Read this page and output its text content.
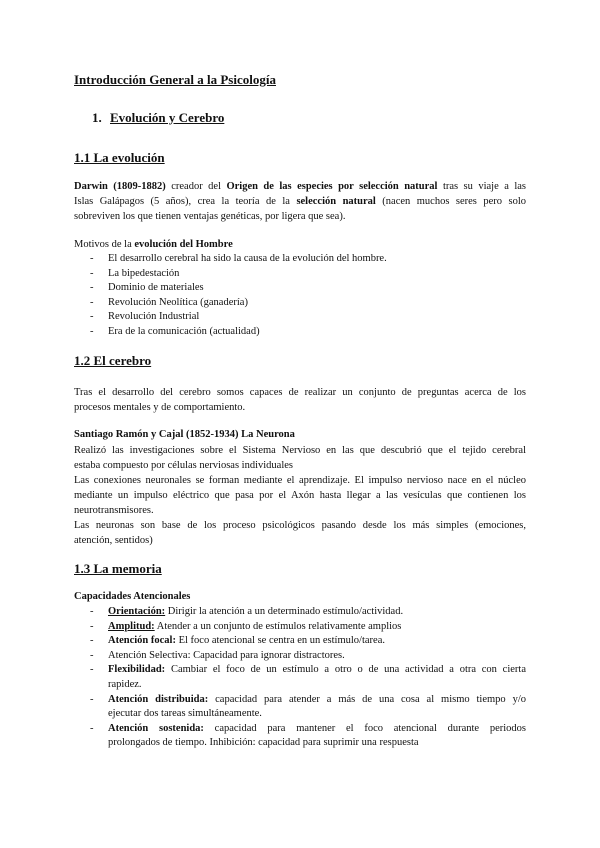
Introducción General a la Psicología
1. Evolución y Cerebro
1.1 La evolución
Darwin (1809-1882) creador del Origen de las especies por selección natural tras su viaje a las
Islas Galápagos (5 años), crea la teoría de la selección natural (nacen muchos seres pero solo
sobreviven los que tienen ventajas genéticas, por ligera que sea).
Motivos de la evolución del Hombre
- El desarrollo cerebral ha sido la causa de la evolución del hombre.
- La bipedestación
- Dominio de materiales
- Revolución Neolítica (ganadería)
- Revolución Industrial
- Era de la comunicación (actualidad)
1.2 El cerebro
Tras el desarrollo del cerebro somos capaces de realizar un conjunto de preguntas acerca de los
procesos mentales y de comportamiento.
Santiago Ramón y Cajal (1852-1934) La Neurona
Realizó las investigaciones sobre el Sistema Nervioso en las que descubrió que el tejido cerebral
estaba compuesto por células nerviosas individuales
Las conexiones neuronales se forman mediante el aprendizaje. El impulso nervioso nace en el núcleo
mediante un impulso eléctrico que pasa por el Axón hasta llegar a las vesículas que contienen los
neurotransmisores.
Las neuronas son base de los proceso psicológicos pasando desde los más simples (emociones,
atención, sentidos)
1.3 La memoria
Capacidades Atencionales
- Orientación: Dirigir la atención a un determinado estímulo/actividad.
- Amplitud: Atender a un conjunto de estímulos relativamente amplios
- Atención focal: El foco atencional se centra en un estímulo/tarea.
- Atención Selectiva: Capacidad para ignorar distractores.
- Flexibilidad: Cambiar el foco de un estímulo a otro o de una actividad a otra con cierta
rapidez.
- Atención distribuida: capacidad para atender a más de una cosa al mismo tiempo y/o
ejecutar dos tareas simultáneamente.
- Atención sostenida: capacidad para mantener el foco atencional durante periodos
prolongados de tiempo. Inhibición: capacidad para suprimir una respuesta
